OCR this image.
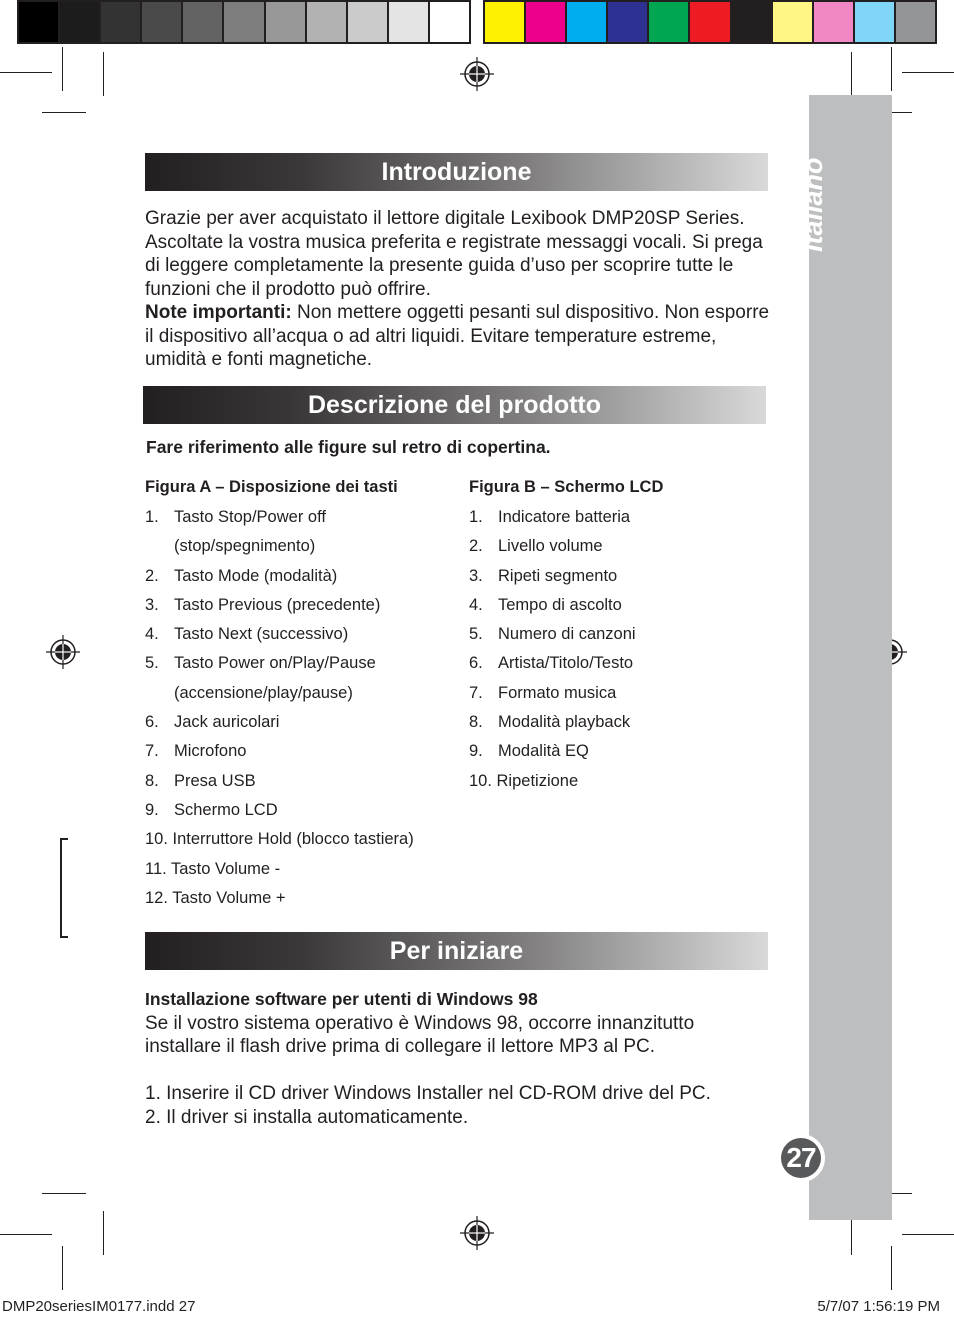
Italiano
27
Introduzione
Grazie per aver acquistato il lettore digitale Lexibook DMP20SP Series. Ascoltate la vostra musica preferita e registrate messaggi vocali. Si prega di leggere completamente la presente guida d’uso per scoprire tutte le funzioni che il prodotto può offrire.
Note importanti: Non mettere oggetti pesanti sul dispositivo. Non esporre il dispositivo all’acqua o ad altri liquidi. Evitare temperature estreme, umidità e fonti magnetiche.
Descrizione del prodotto
Fare riferimento alle figure sul retro di copertina.
Figura A – Disposizione dei tasti
1. Tasto Stop/Power off
(stop/spegnimento)
2. Tasto Mode (modalità)
3. Tasto Previous (precedente)
4. Tasto Next (successivo)
5. Tasto Power on/Play/Pause
(accensione/play/pause)
6. Jack auricolari
7. Microfono
8. Presa USB
9. Schermo LCD
10. Interruttore Hold (blocco tastiera)
11. Tasto Volume -
12. Tasto Volume +
Figura B – Schermo LCD
1. Indicatore batteria
2. Livello volume
3. Ripeti segmento
4. Tempo di ascolto
5. Numero di canzoni
6. Artista/Titolo/Testo
7. Formato musica
8. Modalità playback
9. Modalità EQ
10. Ripetizione
Per iniziare
Installazione software per utenti di Windows 98
Se il vostro sistema operativo è Windows 98, occorre innanzitutto installare il flash drive prima di collegare il lettore MP3 al PC.

1. Inserire il CD driver Windows Installer nel CD-ROM drive del PC.
2. Il driver si installa automaticamente.
DMP20seriesIM0177.indd 27	5/7/07 1:56:19 PM
